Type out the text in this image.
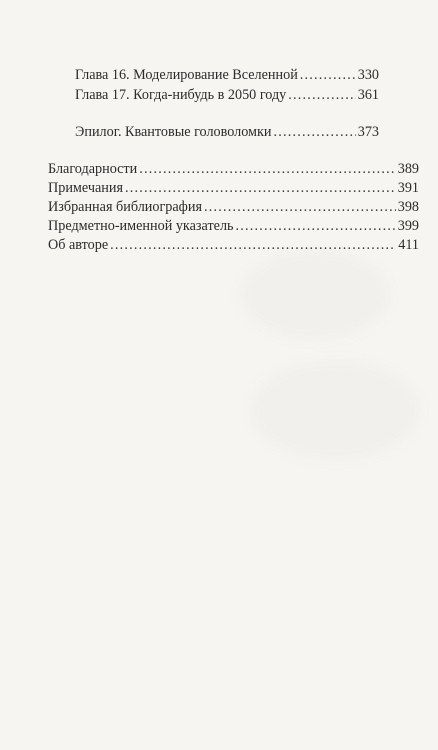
Глава 16. Моделирование Вселенной .....	330
Глава 17. Когда-нибудь в 2050 году .....	361
Эпилог. Квантовые головоломки .....	373
Благодарности .....	389
Примечания .....	391
Избранная библиография .....	398
Предметно-именной указатель .....	399
Об авторе .....	411
